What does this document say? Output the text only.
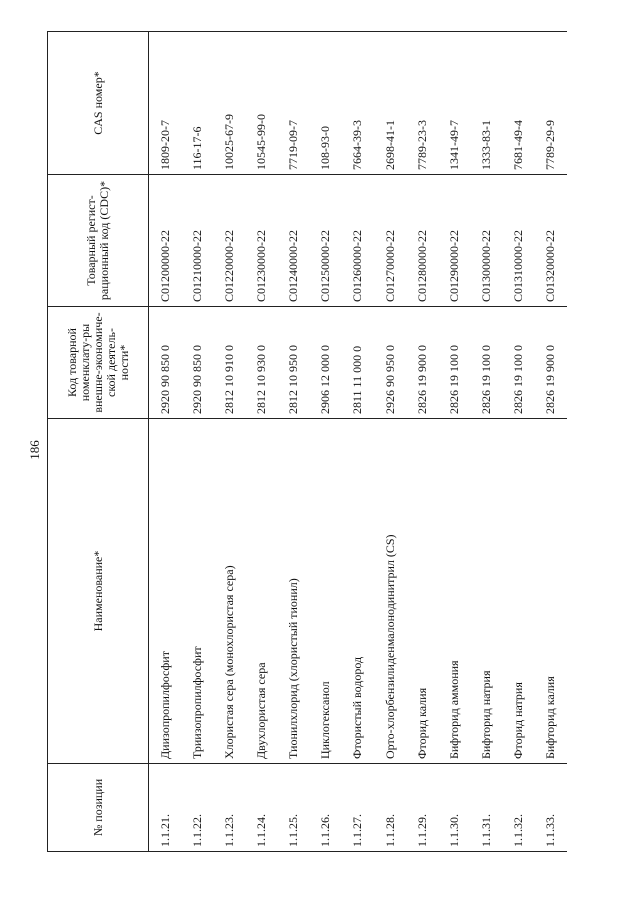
186
№ позиции	Наименование*	Код товарной номенклату-ры внешне-экономиче-ской деятель-ности*	Товарный регист-рационный код (CDC)*	CAS номер*
1.1.21.	Диизопропилфосфит	2920 90 850 0	C01200000-22	1809-20-7
1.1.22.	Триизопропилфосфит	2920 90 850 0	C01210000-22	116-17-6
1.1.23.	Хлористая сера (монохлористая сера)	2812 10 910 0	C01220000-22	10025-67-9
1.1.24.	Двухлористая сера	2812 10 930 0	C01230000-22	10545-99-0
1.1.25.	Тионилхлорид (хлористый тионил)	2812 10 950 0	C01240000-22	7719-09-7
1.1.26.	Циклогексанол	2906 12 000 0	C01250000-22	108-93-0
1.1.27.	Фтористый водород	2811 11 000 0	C01260000-22	7664-39-3
1.1.28.	Орто-хлорбензилиденмалонодинитрил (CS)	2926 90 950 0	C01270000-22	2698-41-1
1.1.29.	Фторид калия	2826 19 900 0	C01280000-22	7789-23-3
1.1.30.	Бифторид аммония	2826 19 100 0	C01290000-22	1341-49-7
1.1.31.	Бифторид натрия	2826 19 100 0	C01300000-22	1333-83-1
1.1.32.	Фторид натрия	2826 19 100 0	C01310000-22	7681-49-4
1.1.33.	Бифторид калия	2826 19 900 0	C01320000-22	7789-29-9
